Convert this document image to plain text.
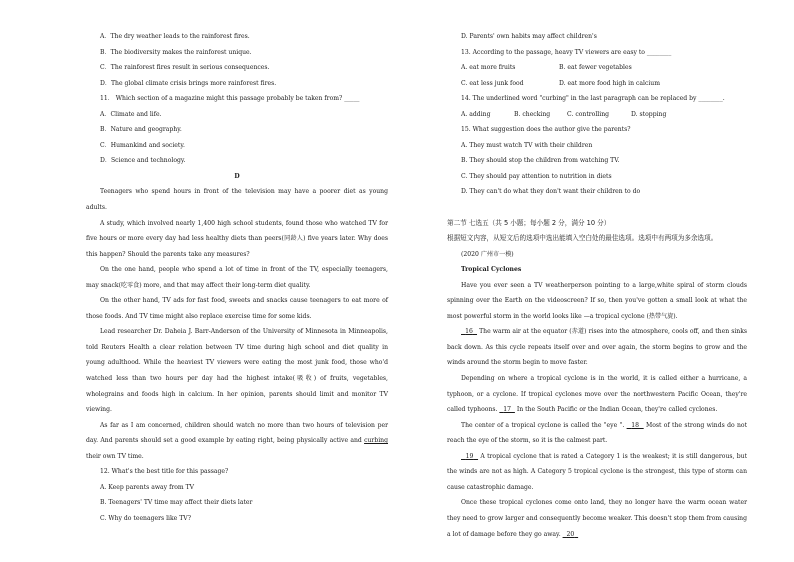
A．The dry weather leads to the rainforest fires.
B．The biodiversity makes the rainforest unique.
C．The rainforest fires result in serious consequences.
D．The global climate crisis brings more rainforest fires.
11． Which section of a magazine might this passage probably be taken from? _____
A．Climate and life.
B．Nature and geography.
C．Humankind and society.
D．Science and technology.
D
Teenagers who spend hours in front of the television may have a poorer diet as young adults.
A study, which involved nearly 1,400 high school students, found those who watched TV for five hours or more every day had less healthy diets than peers(同龄人) five years later. Why does this happen? Should the parents take any measures?
On the one hand, people who spend a lot of time in front of the TV, especially teenagers, may snack(吃零食) more, and that may affect their long-term diet quality.
On the other hand, TV ads for fast food, sweets and snacks cause teenagers to eat more of those foods. And TV time might also replace exercise time for some kids.
Lead researcher Dr. Daheia J. Barr-Anderson of the University of Minnesota in Minneapolis, told Reuters Health a clear relation between TV time during high school and diet quality in young adulthood. While the heaviest TV viewers were eating the most junk food, those who'd watched less than two hours per day had the highest intake(吸收) of fruits, vegetables, wholegrains and foods high in calcium. In her opinion, parents should limit and monitor TV viewing.
As far as I am concerned, children should watch no more than two hours of television per day. And parents should set a good example by eating right, being physically active and curbing their own TV time.
12. What's the best title for this passage?
A. Keep parents away from TV
B. Teenagers' TV time may affect their diets later
C. Why do teenagers like TV?
D. Parents' own habits may affect children's
13. According to the passage, heavy TV viewers are easy to ________
A. eat more fruits	B. eat fewer vegetables
C. eat less junk food	D. eat more food high in calcium
14. The underlined word "curbing" in the last paragraph can be replaced by ________.
A. adding	B. checking	C. controlling	D. stopping
15. What suggestion does the author give the parents?
A. They must watch TV with their children
B. They should stop the children from watching TV.
C. They should pay attention to nutrition in diets
D. They can't do what they don't want their children to do
第二节 七选五（共 5 小题；每小题 2 分，满分 10 分）
根据短文内容，从短文后的选项中选出能填入空白处的最佳选项。选项中有两项为多余选项。
(2020 广州市一模)
Tropical Cyclones
Have you ever seen a TV weatherperson pointing to a large,white spiral of storm clouds spinning over the Earth on the videoscreen? If so, then you've gotten a small look at what the most powerful storm in the world looks like —a tropical cyclone (热带气旋).
16   The warm air at the equator (赤道) rises into the atmosphere, cools off, and then sinks back down. As this cycle repeats itself over and over again, the storm begins to grow and the winds around the storm begin to move faster.
Depending on where a tropical cyclone is in the world, it is called either a hurricane, a typhoon, or a cyclone. If tropical cyclones move over the northwestern Pacific Ocean, they're called typhoons.   17   In the South Pacific or the Indian Ocean, they're called cyclones.
The center of a tropical cyclone is called the "eye ".   18   Most of the strong winds do not reach the eye of the storm, so it is the calmest part.
19   A tropical cyclone that is rated a Category 1 is the weakest; it is still dangerous, but the winds are not as high. A Category 5 tropical cyclone is the strongest, this type of storm can cause catastrophic damage.
Once these tropical cyclones come onto land, they no longer have the warm ocean water they need to grow larger and consequently become weaker. This doesn't stop them from causing a lot of damage before they go away.   20
